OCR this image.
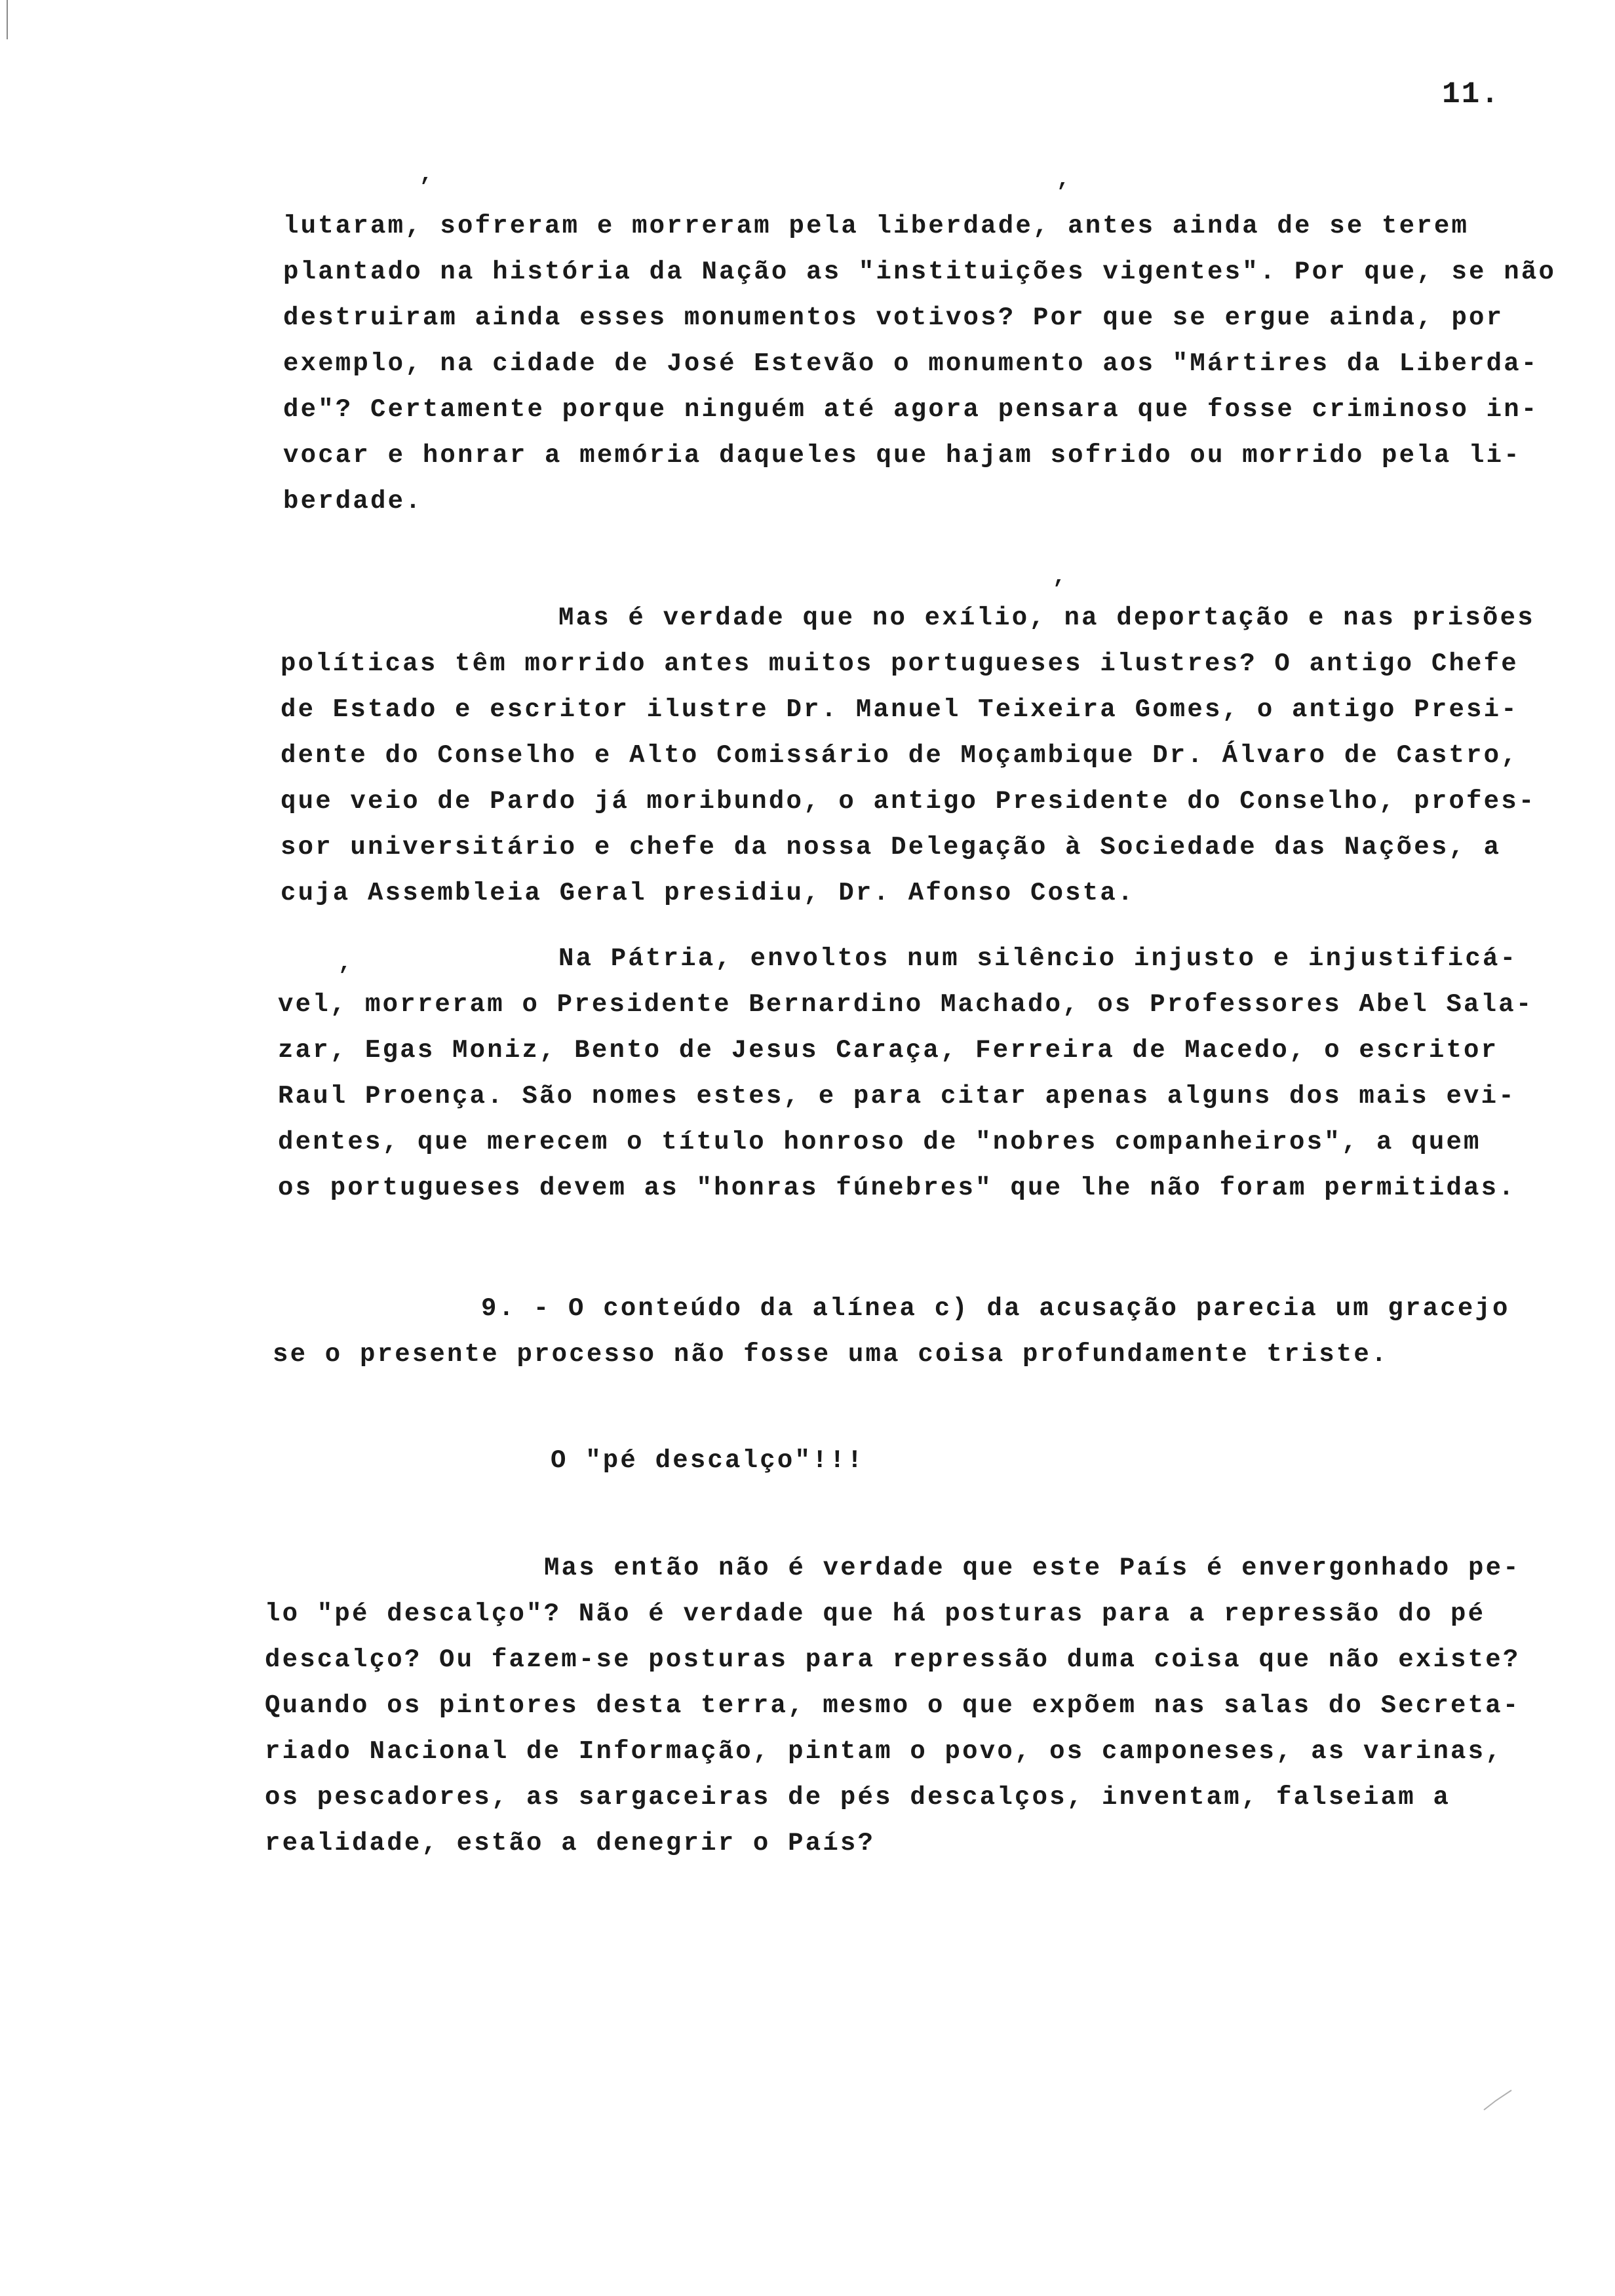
11.
,	,
,
,
lutaram, sofreram e morreram pela liberdade, antes ainda de se terem
plantado na história da Nação as "instituições vigentes". Por que, se não
destruiram ainda esses monumentos votivos? Por que se ergue ainda, por
exemplo, na cidade de José Estevão o monumento aos "Mártires da Liberda-
de"? Certamente porque ninguém até agora pensara que fosse criminoso in-
vocar e honrar a memória daqueles que hajam sofrido ou morrido pela li-
berdade.
Mas é verdade que no exílio, na deportação e nas prisões
políticas têm morrido antes muitos portugueses ilustres? O antigo Chefe
de Estado e escritor ilustre Dr. Manuel Teixeira Gomes, o antigo Presi-
dente do Conselho e Alto Comissário de Moçambique Dr. Álvaro de Castro,
que veio de Pardo já moribundo, o antigo Presidente do Conselho, profes-
sor universitário e chefe da nossa Delegação à Sociedade das Nações, a
cuja Assembleia Geral presidiu, Dr. Afonso Costa.
Na Pátria, envoltos num silêncio injusto e injustificá-
vel, morreram o Presidente Bernardino Machado, os Professores Abel Sala-
zar, Egas Moniz, Bento de Jesus Caraça, Ferreira de Macedo, o escritor
Raul Proença. São nomes estes, e para citar apenas alguns dos mais evi-
dentes, que merecem o título honroso de "nobres companheiros", a quem
os portugueses devem as "honras fúnebres" que lhe não foram permitidas.
9. - O conteúdo da alínea c) da acusação parecia um gracejo
se o presente processo não fosse uma coisa profundamente triste.
O "pé descalço"!!!
Mas então não é verdade que este País é envergonhado pe-
lo "pé descalço"? Não é verdade que há posturas para a repressão do pé
descalço? Ou fazem-se posturas para repressão duma coisa que não existe?
Quando os pintores desta terra, mesmo o que expõem nas salas do Secreta-
riado Nacional de Informação, pintam o povo, os camponeses, as varinas,
os pescadores, as sargaceiras de pés descalços, inventam, falseiam a
realidade, estão a denegrir o País?
